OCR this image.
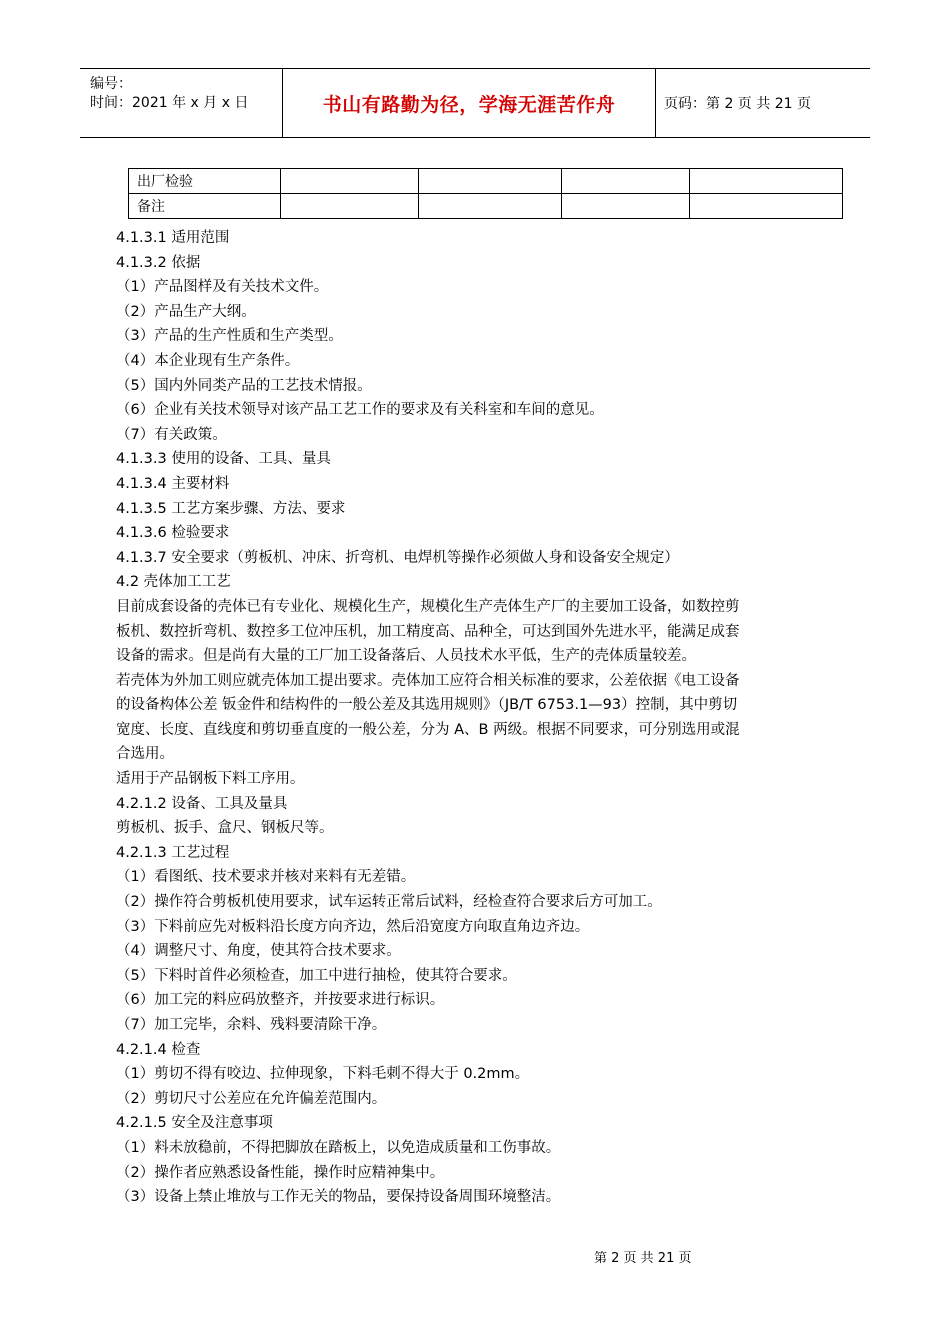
编号：
时间：2021 年 x 月 x 日	书山有路勤为径，学海无涯苦作舟	页码：第 2 页 共 21 页
出厂检验				
备注				
4.1.3.1 适用范围
4.1.3.2 依据
（1）产品图样及有关技术文件。
（2）产品生产大纲。
（3）产品的生产性质和生产类型。
（4）本企业现有生产条件。
（5）国内外同类产品的工艺技术情报。
（6）企业有关技术领导对该产品工艺工作的要求及有关科室和车间的意见。
（7）有关政策。
4.1.3.3 使用的设备、工具、量具
4.1.3.4 主要材料
4.1.3.5 工艺方案步骤、方法、要求
4.1.3.6 检验要求
4.1.3.7 安全要求（剪板机、冲床、折弯机、电焊机等操作必须做人身和设备安全规定）
4.2 壳体加工工艺
目前成套设备的壳体已有专业化、规模化生产，规模化生产壳体生产厂的主要加工设备，如数控剪
板机、数控折弯机、数控多工位冲压机，加工精度高、品种全，可达到国外先进水平，能满足成套
设备的需求。但是尚有大量的工厂加工设备落后、人员技术水平低，生产的壳体质量较差。
若壳体为外加工则应就壳体加工提出要求。壳体加工应符合相关标准的要求，公差依据《电工设备
的设备构体公差 钣金件和结构件的一般公差及其选用规则》（JB/T 6753.1—93）控制，其中剪切
宽度、长度、直线度和剪切垂直度的一般公差，分为 A、B 两级。根据不同要求，可分别选用或混
合选用。
适用于产品钢板下料工序用。
4.2.1.2 设备、工具及量具
剪板机、扳手、盒尺、钢板尺等。
4.2.1.3 工艺过程
（1）看图纸、技术要求并核对来料有无差错。
（2）操作符合剪板机使用要求，试车运转正常后试料，经检查符合要求后方可加工。
（3）下料前应先对板料沿长度方向齐边，然后沿宽度方向取直角边齐边。
（4）调整尺寸、角度，使其符合技术要求。
（5）下料时首件必须检查，加工中进行抽检，使其符合要求。
（6）加工完的料应码放整齐，并按要求进行标识。
（7）加工完毕，余料、残料要清除干净。
4.2.1.4 检查
（1）剪切不得有咬边、拉伸现象，下料毛刺不得大于 0.2mm。
（2）剪切尺寸公差应在允许偏差范围内。
4.2.1.5 安全及注意事项
（1）料未放稳前，不得把脚放在踏板上，以免造成质量和工伤事故。
（2）操作者应熟悉设备性能，操作时应精神集中。
（3）设备上禁止堆放与工作无关的物品，要保持设备周围环境整洁。
第 2 页 共 21 页
